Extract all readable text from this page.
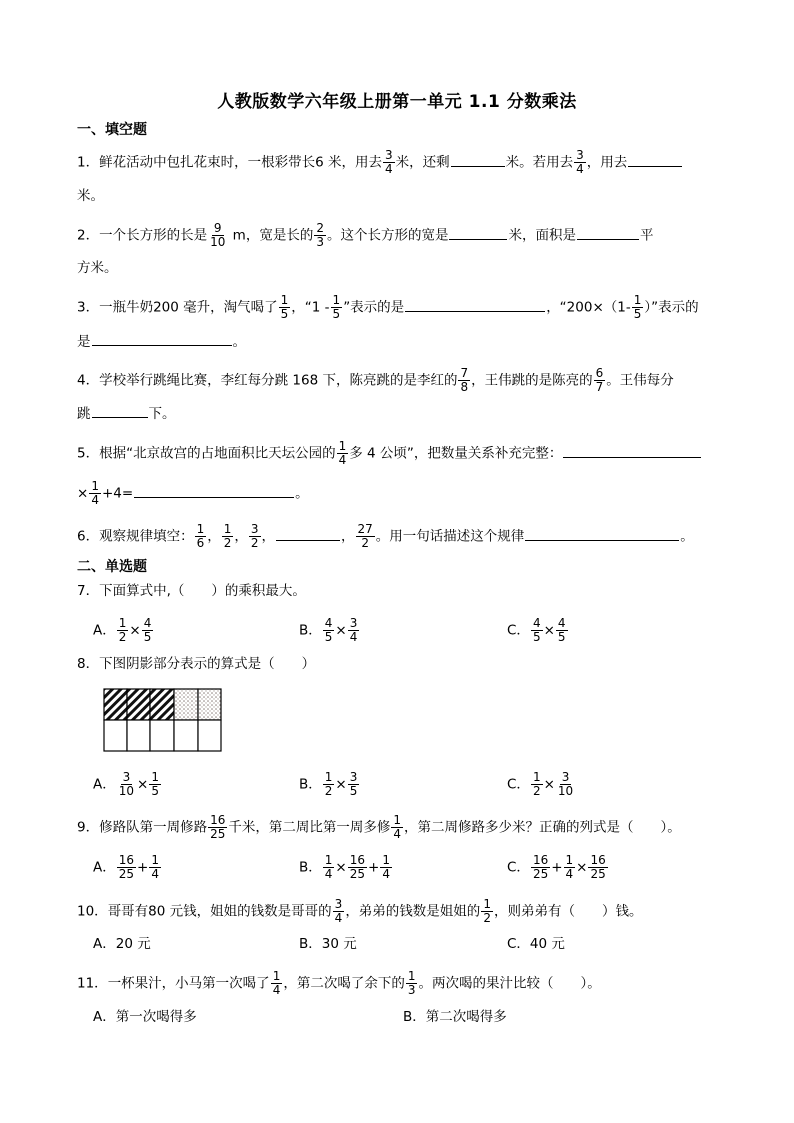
人教版数学六年级上册第一单元 1.1 分数乘法
一、填空题
1．鲜花活动中包扎花束时，一根彩带长6 米，用去 $\frac{3}{4}$ 米，还剩	米。若用去 $\frac{3}{4}$ ，用去
米。
2．一个长方形的长是 $\frac{9}{10}$ m，宽是长的 $\frac{2}{3}$ 。这个长方形的宽是	米，面积是	平
方米。
3．一瓶牛奶200 毫升，淘气喝了 $\frac{1}{5}$ ，“$1 - \frac{1}{5}$ ”表示的是	，“$200\times(1- \frac{1}{5}$ ）”表示的
是	。
4．学校举行跳绳比赛，李红每分跳 168 下，陈亮跳的是李红的 $\frac{7}{8}$ ，王伟跳的是陈亮的 $\frac{6}{7}$ 。王伟每分
跳	下。
5．根据“北京故宫的占地面积比天坛公园的 $\frac{1}{4}$ 多 4 公顷”，把数量关系补充完整：
× $\frac{1}{4} +4=$	。
6．观察规律填空： $\frac{1}{6}$ ， $\frac{1}{2}$ ， $\frac{3}{2}$ ，	， $\frac{27}{2}$ 。用一句话描述这个规律	。
二、单选题
7．下面算式中,（　　）的乘积最大。
A． $\frac{1}{2} \times \frac{4}{5}$	B． $\frac{4}{5} \times \frac{3}{4}$	C． $\frac{4}{5} \times \frac{4}{5}$
8．下图阴影部分表示的算式是（　　）
A． $\frac{3}{10} \times \frac{1}{5}$	B． $\frac{1}{2} \times \frac{3}{5}$	C． $\frac{1}{2} \times \frac{3}{10}$
9．修路队第一周修路 $\frac{16}{25}$ 千米，第二周比第一周多修 $\frac{1}{4}$ ，第二周修路多少米？正确的列式是（　　）。
A． $\frac{16}{25} + \frac{1}{4}$	B． $\frac{1}{4} \times \frac{16}{25} + \frac{1}{4}$	C． $\frac{16}{25} + \frac{1}{4} \times \frac{16}{25}$
10．哥哥有80 元钱，姐姐的钱数是哥哥的 $\frac{3}{4}$ ，弟弟的钱数是姐姐的 $\frac{1}{2}$ ，则弟弟有（　　）钱。
A．20 元	B．30 元	C．40 元
11．一杯果汁，小马第一次喝了 $\frac{1}{4}$ ，第二次喝了余下的 $\frac{1}{3}$ 。两次喝的果汁比较（　　）。
A．第一次喝得多	B．第二次喝得多
